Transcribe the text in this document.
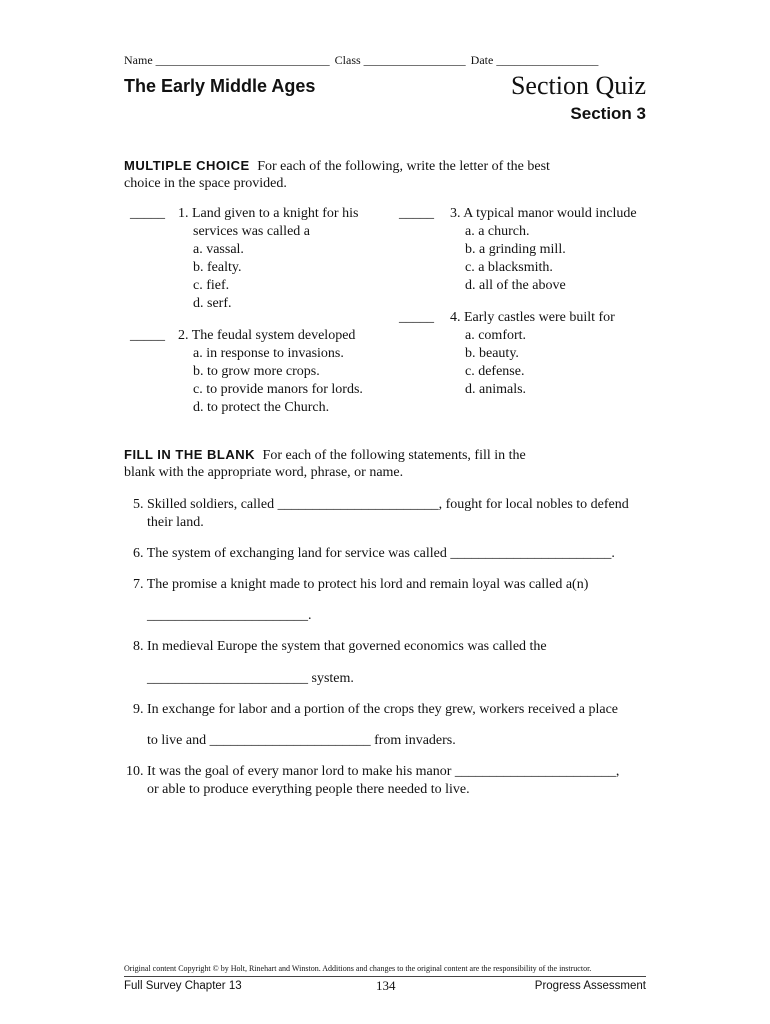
Name _____________________________ Class _________________ Date _________________
The Early Middle Ages	Section Quiz
Section 3
MULTIPLE CHOICE For each of the following, write the letter of the best
choice in the space provided.
_____ 1. Land given to a knight for his
services was called a
a. vassal.
b. fealty.
c. fief.
d. serf.
_____ 2. The feudal system developed
a. in response to invasions.
b. to grow more crops.
c. to provide manors for lords.
d. to protect the Church.
_____ 3. A typical manor would include
a. a church.
b. a grinding mill.
c. a blacksmith.
d. all of the above
_____ 4. Early castles were built for
a. comfort.
b. beauty.
c. defense.
d. animals.
FILL IN THE BLANK For each of the following statements, fill in the
blank with the appropriate word, phrase, or name.
5. Skilled soldiers, called _______________________, fought for local nobles to defend
their land.
6. The system of exchanging land for service was called _______________________.
7. The promise a knight made to protect his lord and remain loyal was called a(n)
_______________________.
8. In medieval Europe the system that governed economics was called the
_______________________ system.
9. In exchange for labor and a portion of the crops they grew, workers received a place
to live and _______________________ from invaders.
10. It was the goal of every manor lord to make his manor _______________________,
or able to produce everything people there needed to live.
Original content Copyright © by Holt, Rinehart and Winston. Additions and changes to the original content are the responsibility of the instructor.
Full Survey Chapter 13	134	Progress Assessment
